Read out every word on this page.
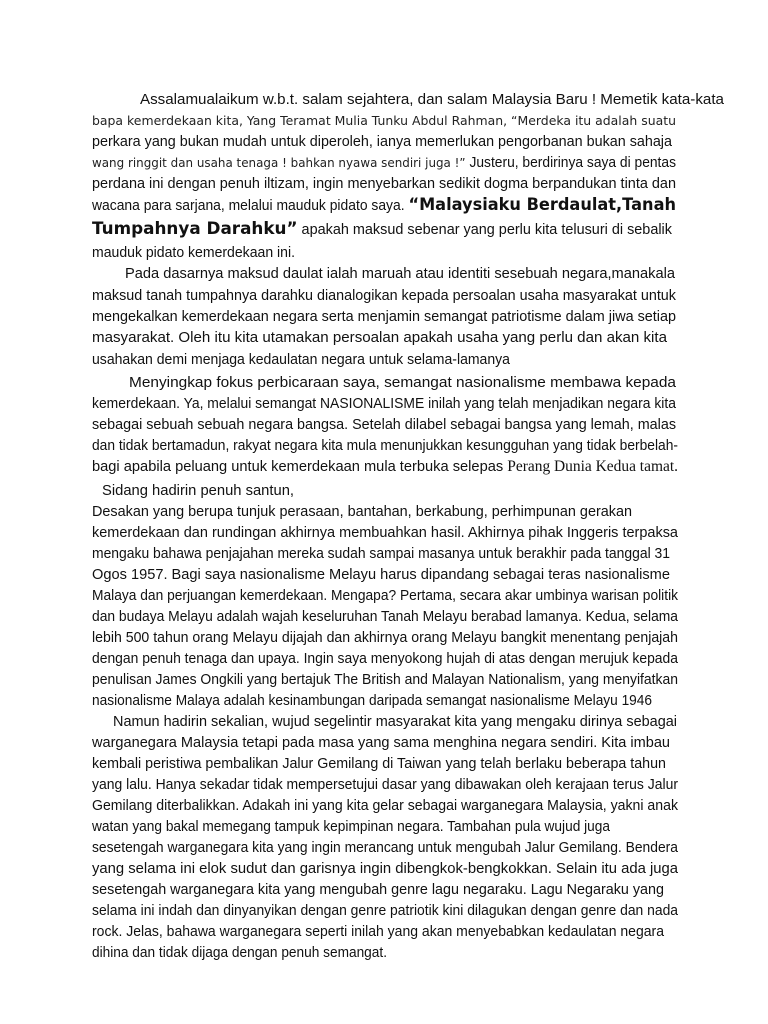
Assalamualaikum w.b.t. salam sejahtera, dan salam Malaysia Baru ! Memetik kata-kata
bapa kemerdekaan kita, Yang Teramat Mulia Tunku Abdul Rahman, “Merdeka itu adalah suatu
perkara yang bukan mudah untuk diperoleh, ianya memerlukan pengorbanan bukan sahaja
wang ringgit dan usaha tenaga ! bahkan nyawa sendiri juga !” Justeru, berdirinya saya di pentas
perdana ini dengan penuh iltizam, ingin menyebarkan sedikit dogma berpandukan tinta dan
wacana para sarjana, melalui mauduk pidato saya. “Malaysiaku Berdaulat,Tanah
Tumpahnya Darahku” apakah maksud sebenar yang perlu kita telusuri di sebalik
mauduk pidato kemerdekaan ini.
Pada dasarnya maksud daulat ialah maruah atau identiti sesebuah negara,manakala
maksud tanah tumpahnya darahku dianalogikan kepada persoalan usaha masyarakat untuk
mengekalkan kemerdekaan negara serta menjamin semangat patriotisme dalam jiwa setiap
masyarakat. Oleh itu kita utamakan persoalan apakah usaha yang perlu dan akan kita
usahakan demi menjaga kedaulatan negara untuk selama-lamanya
Menyingkap fokus perbicaraan saya, semangat nasionalisme membawa kepada
kemerdekaan. Ya, melalui semangat NASIONALISME inilah yang telah menjadikan negara kita
sebagai sebuah sebuah negara bangsa. Setelah dilabel sebagai bangsa yang lemah, malas
dan tidak bertamadun, rakyat negara kita mula menunjukkan kesungguhan yang tidak berbelah-
bagi apabila peluang untuk kemerdekaan mula terbuka selepas Perang Dunia Kedua tamat.
Sidang hadirin penuh santun,
Desakan yang berupa tunjuk perasaan, bantahan, berkabung, perhimpunan gerakan
kemerdekaan dan rundingan akhirnya membuahkan hasil. Akhirnya pihak Inggeris terpaksa
mengaku bahawa penjajahan mereka sudah sampai masanya untuk berakhir pada tanggal 31
Ogos 1957. Bagi saya nasionalisme Melayu harus dipandang sebagai teras nasionalisme
Malaya dan perjuangan kemerdekaan. Mengapa? Pertama, secara akar umbinya warisan politik
dan budaya Melayu adalah wajah keseluruhan Tanah Melayu berabad lamanya. Kedua, selama
lebih 500 tahun orang Melayu dijajah dan akhirnya orang Melayu bangkit menentang penjajah
dengan penuh tenaga dan upaya. Ingin saya menyokong hujah di atas dengan merujuk kepada
penulisan James Ongkili yang bertajuk The British and Malayan Nationalism, yang menyifatkan
nasionalisme Malaya adalah kesinambungan daripada semangat nasionalisme Melayu 1946
Namun hadirin sekalian, wujud segelintir masyarakat kita yang mengaku dirinya sebagai
warganegara Malaysia tetapi pada masa yang sama menghina negara sendiri. Kita imbau
kembali peristiwa pembalikan Jalur Gemilang di Taiwan yang telah berlaku beberapa tahun
yang lalu. Hanya sekadar tidak mempersetujui dasar yang dibawakan oleh kerajaan terus Jalur
Gemilang diterbalikkan. Adakah ini yang kita gelar sebagai warganegara Malaysia, yakni anak
watan yang bakal memegang tampuk kepimpinan negara. Tambahan pula wujud juga
sesetengah warganegara kita yang ingin merancang untuk mengubah Jalur Gemilang. Bendera
yang selama ini elok sudut dan garisnya ingin dibengkok-bengkokkan. Selain itu ada juga
sesetengah warganegara kita yang mengubah genre lagu negaraku. Lagu Negaraku yang
selama ini indah dan dinyanyikan dengan genre patriotik kini dilagukan dengan genre dan nada
rock. Jelas, bahawa warganegara seperti inilah yang akan menyebabkan kedaulatan negara
dihina dan tidak dijaga dengan penuh semangat.
